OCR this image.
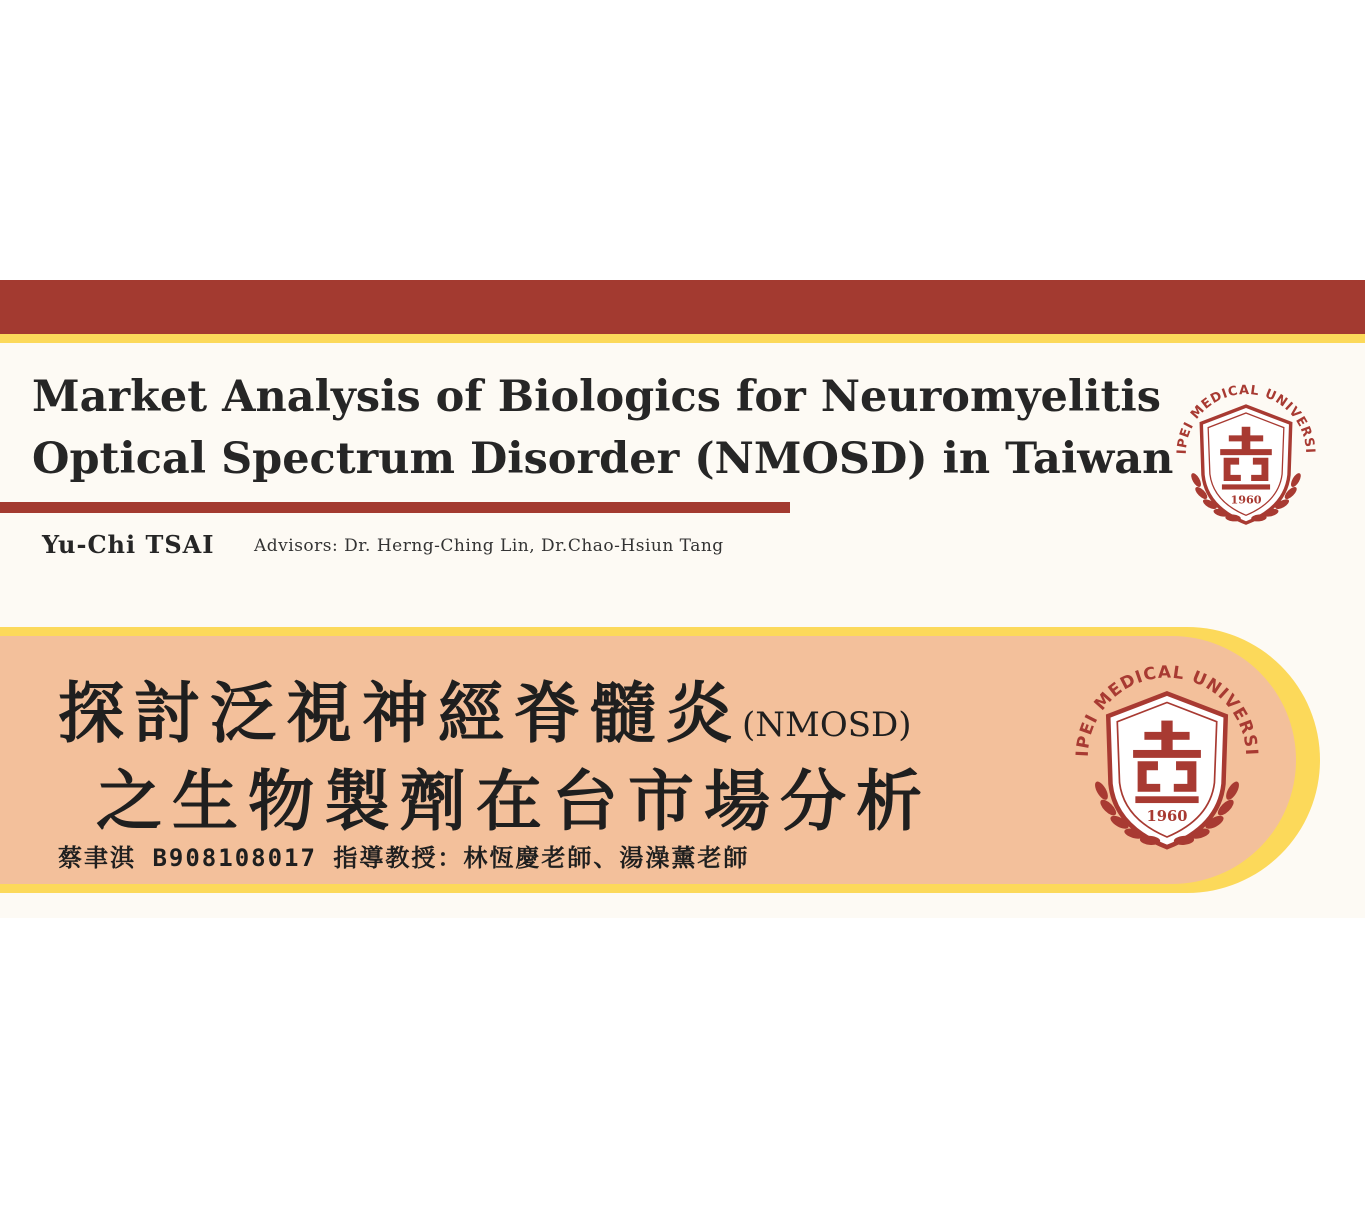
Market Analysis of Biologics for Neuromyelitis
Optical Spectrum Disorder (NMOSD) in Taiwan
Yu-Chi TSAI Advisors: Dr. Herng-Ching Lin, Dr.Chao-Hsiun Tang
探討泛視神經脊髓炎(NMOSD)
之生物製劑在台市場分析
蔡聿淇 B908108017 指導教授：林恆慶老師、湯澡薰老師
